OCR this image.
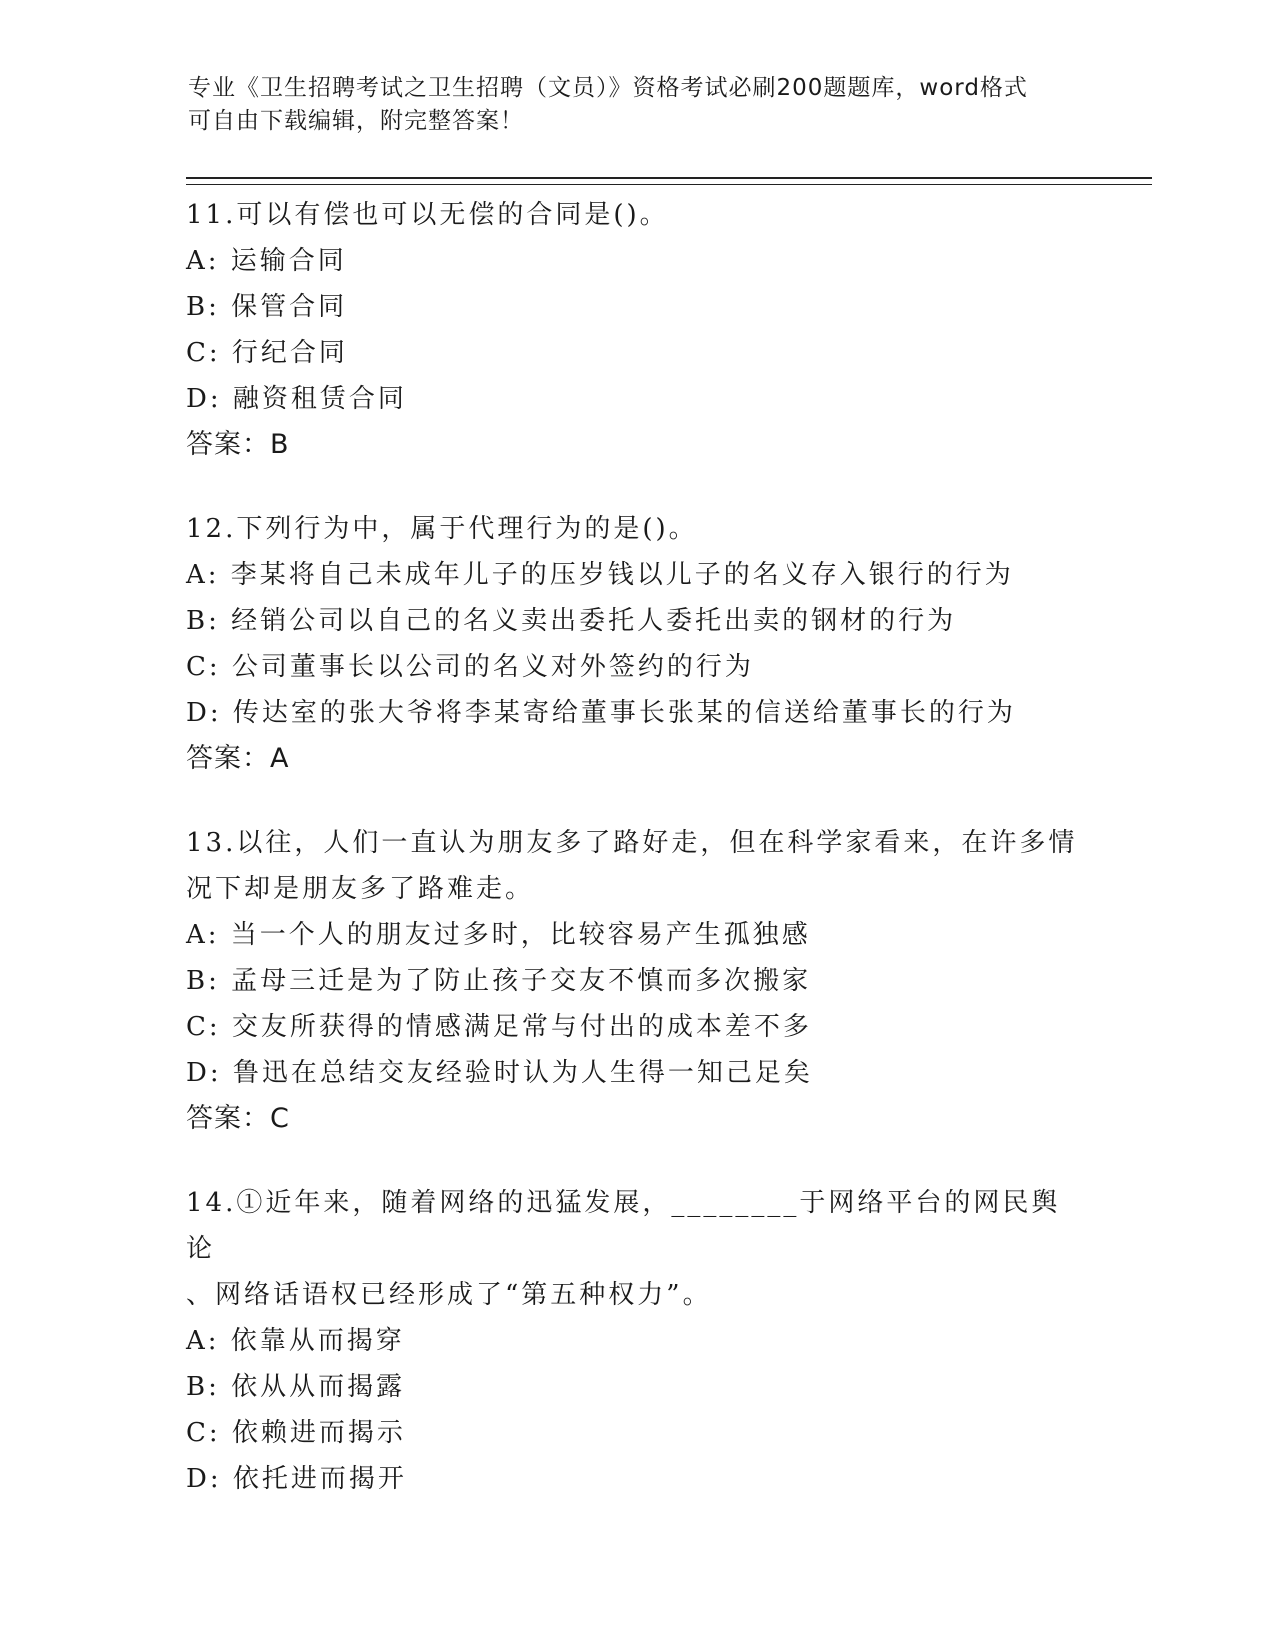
专业《卫生招聘考试之卫生招聘（文员）》资格考试必刷200题题库，word格式
可自由下载编辑，附完整答案！
11.可以有偿也可以无偿的合同是()。
A: 运输合同
B: 保管合同
C: 行纪合同
D: 融资租赁合同
答案：B
12.下列行为中，属于代理行为的是()。
A: 李某将自己未成年儿子的压岁钱以儿子的名义存入银行的行为
B: 经销公司以自己的名义卖出委托人委托出卖的钢材的行为
C: 公司董事长以公司的名义对外签约的行为
D: 传达室的张大爷将李某寄给董事长张某的信送给董事长的行为
答案：A
13.以往，人们一直认为朋友多了路好走，但在科学家看来，在许多情
况下却是朋友多了路难走。
A: 当一个人的朋友过多时，比较容易产生孤独感
B: 孟母三迁是为了防止孩子交友不慎而多次搬家
C: 交友所获得的情感满足常与付出的成本差不多
D: 鲁迅在总结交友经验时认为人生得一知己足矣
答案：C
14.①近年来，随着网络的迅猛发展，________于网络平台的网民舆论
、网络话语权已经形成了“第五种权力”。
A: 依靠从而揭穿
B: 依从从而揭露
C: 依赖进而揭示
D: 依托进而揭开
